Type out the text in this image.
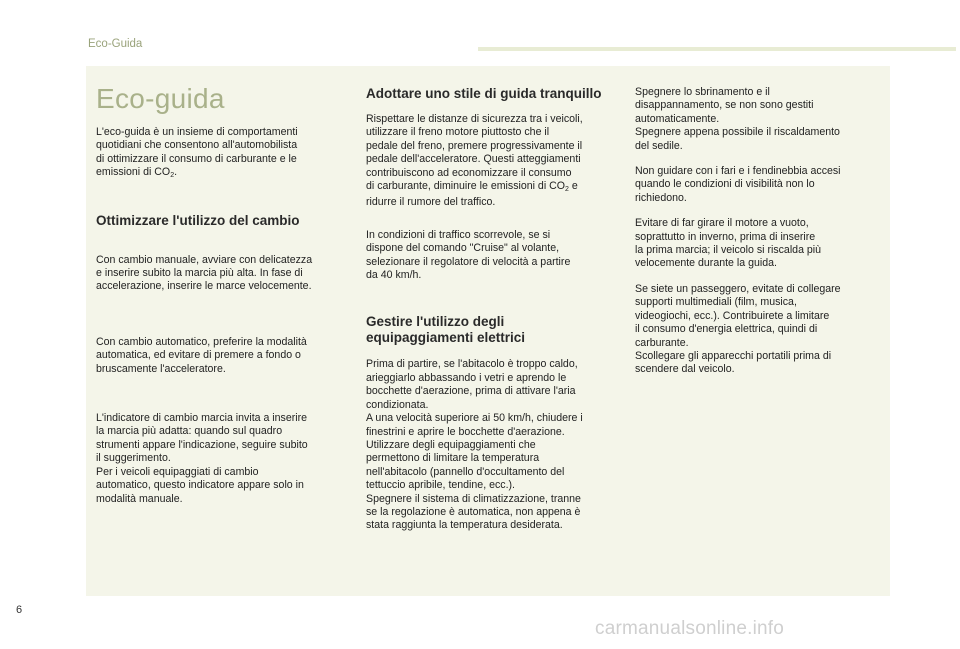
Eco-Guida
Eco-guida

L'eco-guida è un insieme di comportamenti
quotidiani che consentono all'automobilista
di ottimizzare il consumo di carburante e le
emissioni di $CO_2$.

Ottimizzare l'utilizzo del cambio

Con cambio manuale, avviare con delicatezza
e inserire subito la marcia più alta. In fase di
accelerazione, inserire le marce velocemente.

Con cambio automatico, preferire la modalità
automatica, ed evitare di premere a fondo o
bruscamente l'acceleratore.

L'indicatore di cambio marcia invita a inserire
la marcia più adatta: quando sul quadro
strumenti appare l'indicazione, seguire subito
il suggerimento.
Per i veicoli equipaggiati di cambio
automatico, questo indicatore appare solo in
modalità manuale.

Adottare uno stile di guida tranquillo

Rispettare le distanze di sicurezza tra i veicoli,
utilizzare il freno motore piuttosto che il
pedale del freno, premere progressivamente il
pedale dell'acceleratore. Questi atteggiamenti
contribuiscono ad economizzare il consumo
di carburante, diminuire le emissioni di $CO_2$ e
ridurre il rumore del traffico.

In condizioni di traffico scorrevole, se si
dispone del comando "Cruise" al volante,
selezionare il regolatore di velocità a partire
da 40 km/h.

Gestire l'utilizzo degli
equipaggiamenti elettrici

Prima di partire, se l'abitacolo è troppo caldo,
arieggiarlo abbassando i vetri e aprendo le
bocchette d'aerazione, prima di attivare l'aria
condizionata.
A una velocità superiore ai 50 km/h, chiudere i
finestrini e aprire le bocchette d'aerazione.
Utilizzare degli equipaggiamenti che
permettono di limitare la temperatura
nell'abitacolo (pannello d'occultamento del
tettuccio apribile, tendine, ecc.).
Spegnere il sistema di climatizzazione, tranne
se la regolazione è automatica, non appena è
stata raggiunta la temperatura desiderata.

Spegnere lo sbrinamento e il
disappannamento, se non sono gestiti
automaticamente.
Spegnere appena possibile il riscaldamento
del sedile.

Non guidare con i fari e i fendinebbia accesi
quando le condizioni di visibilità non lo
richiedono.

Evitare di far girare il motore a vuoto,
soprattutto in inverno, prima di inserire
la prima marcia; il veicolo si riscalda più
velocemente durante la guida.

Se siete un passeggero, evitate di collegare
supporti multimediali (film, musica,
videogiochi, ecc.). Contribuirete a limitare
il consumo d'energia elettrica, quindi di
carburante.
Scollegare gli apparecchi portatili prima di
scendere dal veicolo.

6
carmanualsonline.info
